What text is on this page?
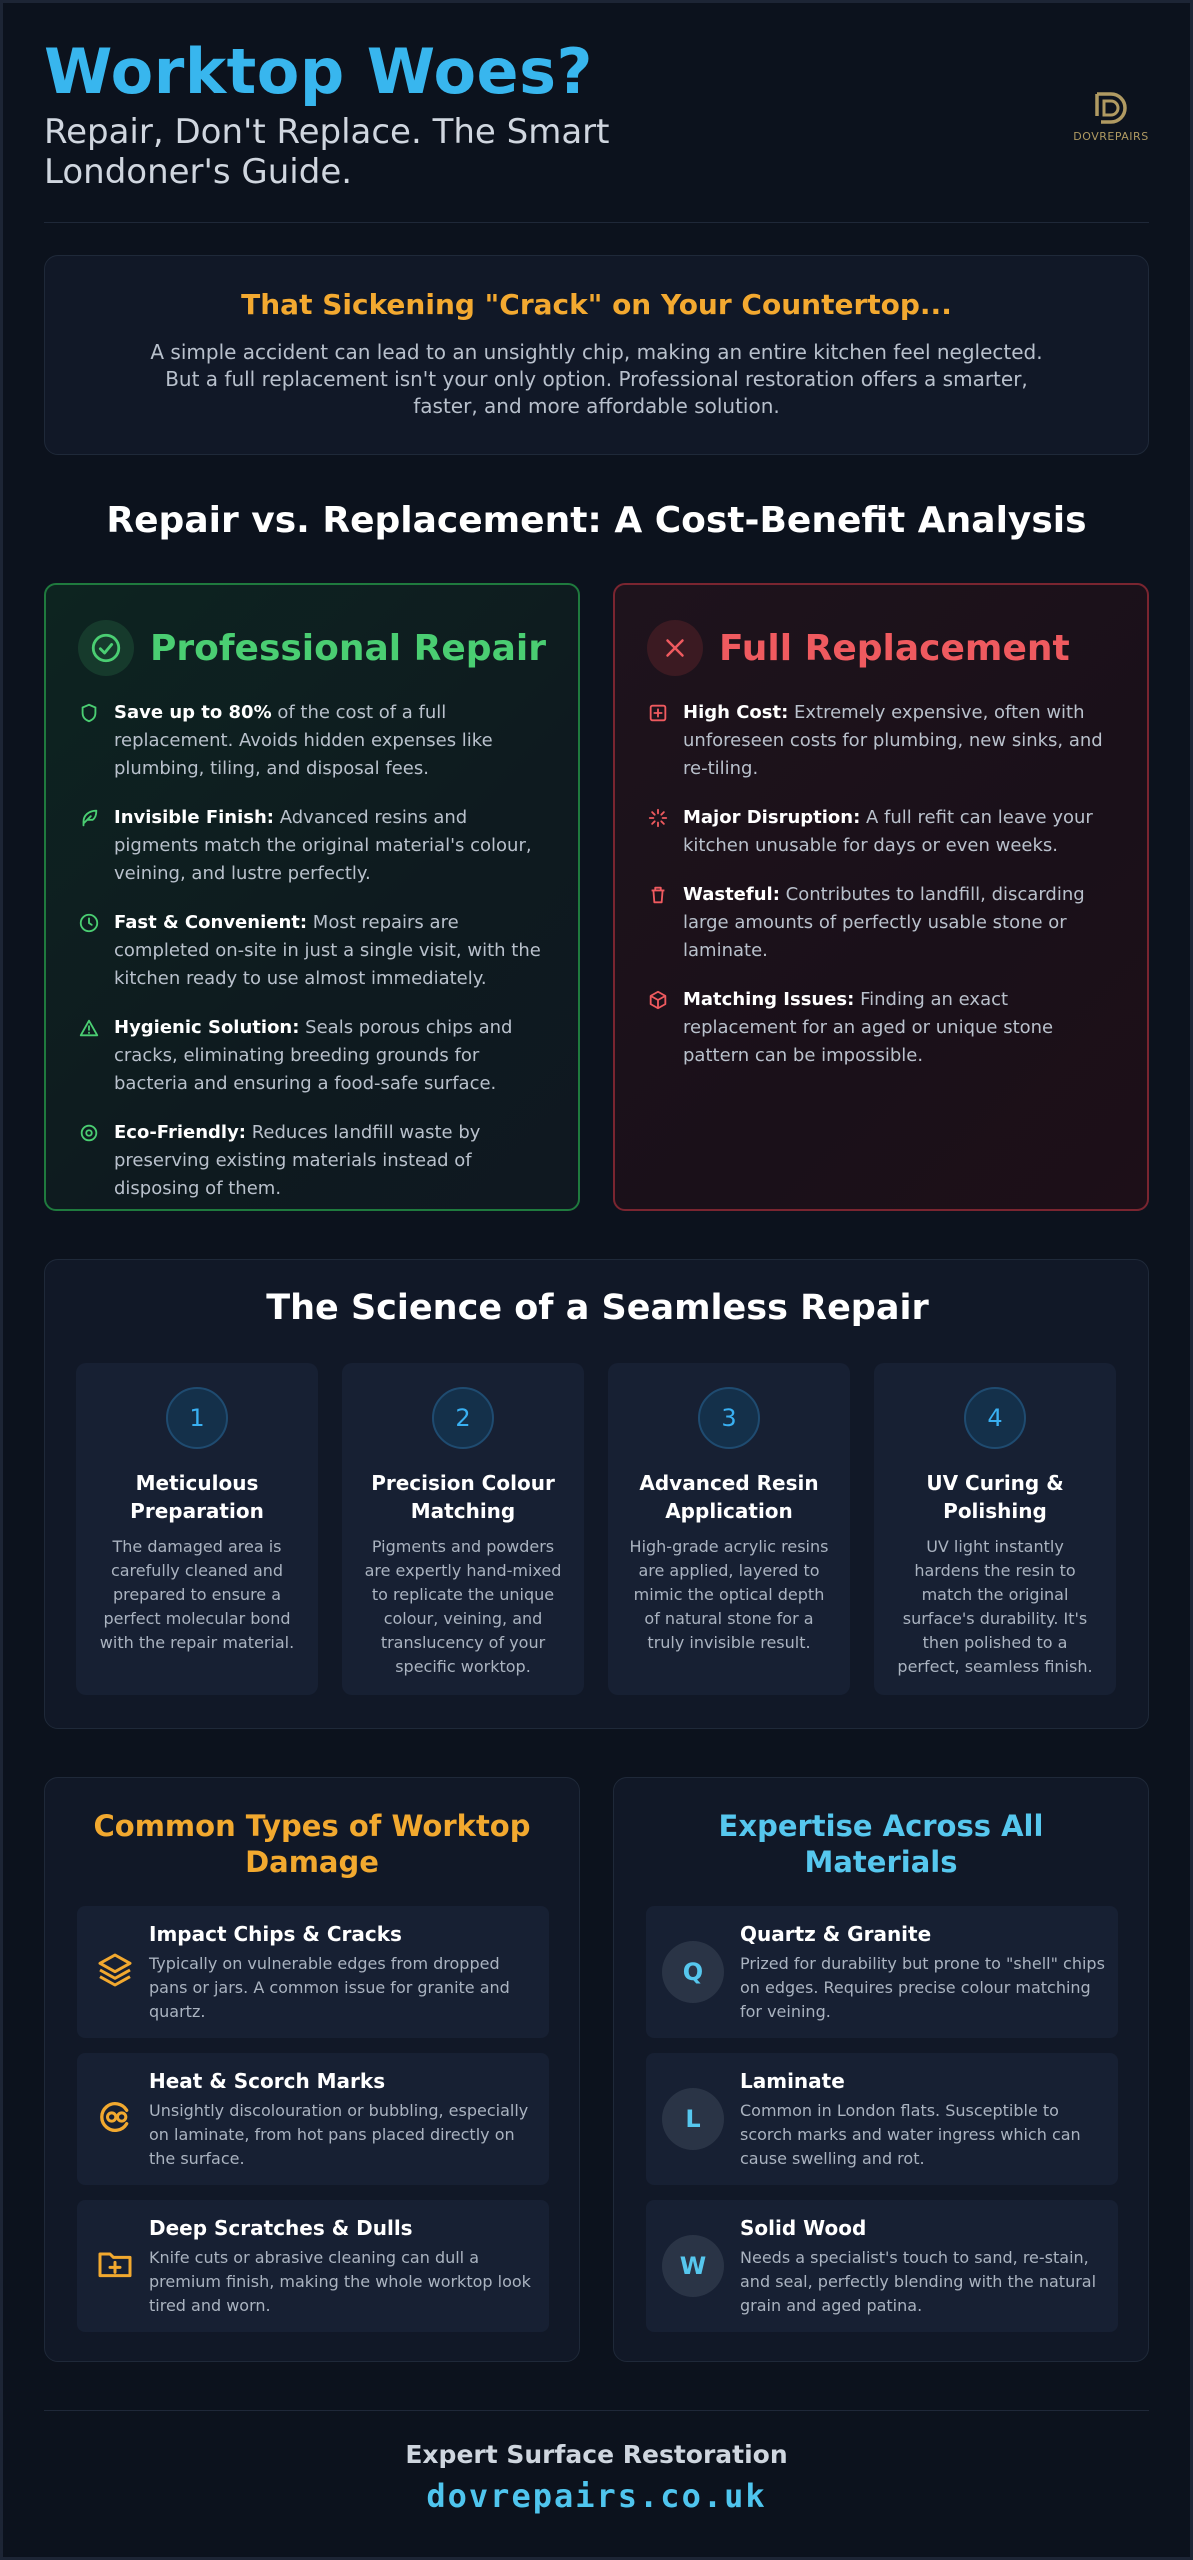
Worktop Woes?
Repair, Don't Replace. The Smart Londoner's Guide.
DOVREPAIRS
That Sickening "Crack" on Your Countertop...

A simple accident can lead to an unsightly chip, making an entire kitchen feel neglected. But a full replacement isn't your only option. Professional restoration offers a smarter, faster, and more affordable solution.

Repair vs. Replacement: A Cost-Benefit Analysis
Professional Repair
Save up to 80% of the cost of a full replacement. Avoids hidden expenses like plumbing, tiling, and disposal fees.
Invisible Finish: Advanced resins and pigments match the original material's colour, veining, and lustre perfectly.
Fast & Convenient: Most repairs are completed on-site in just a single visit, with the kitchen ready to use almost immediately.
Hygienic Solution: Seals porous chips and cracks, eliminating breeding grounds for bacteria and ensuring a food-safe surface.
Eco-Friendly: Reduces landfill waste by preserving existing materials instead of disposing of them.
Full Replacement
High Cost: Extremely expensive, often with unforeseen costs for plumbing, new sinks, and re-tiling.
Major Disruption: A full refit can leave your kitchen unusable for days or even weeks.
Wasteful: Contributes to landfill, discarding large amounts of perfectly usable stone or laminate.
Matching Issues: Finding an exact replacement for an aged or unique stone pattern can be impossible.
The Science of a Seamless Repair
1
Meticulous Preparation

The damaged area is carefully cleaned and prepared to ensure a perfect molecular bond with the repair material.

2
Precision Colour Matching

Pigments and powders are expertly hand-mixed to replicate the unique colour, veining, and translucency of your specific worktop.

3
Advanced Resin Application

High-grade acrylic resins are applied, layered to mimic the optical depth of natural stone for a truly invisible result.

4
UV Curing & Polishing

UV light instantly hardens the resin to match the original surface's durability. It's then polished to a perfect, seamless finish.

Common Types of Worktop Damage
Impact Chips & Cracks

Typically on vulnerable edges from dropped pans or jars. A common issue for granite and quartz.

Heat & Scorch Marks

Unsightly discolouration or bubbling, especially on laminate, from hot pans placed directly on the surface.

Deep Scratches & Dulls

Knife cuts or abrasive cleaning can dull a premium finish, making the whole worktop look tired and worn.

Expertise Across All Materials
Q
Quartz & Granite

Prized for durability but prone to "shell" chips on edges. Requires precise colour matching for veining.

L
Laminate

Common in London flats. Susceptible to scorch marks and water ingress which can cause swelling and rot.

W
Solid Wood

Needs a specialist's touch to sand, re-stain, and seal, perfectly blending with the natural grain and aged patina.

Expert Surface Restoration
dovrepairs.co.uk
